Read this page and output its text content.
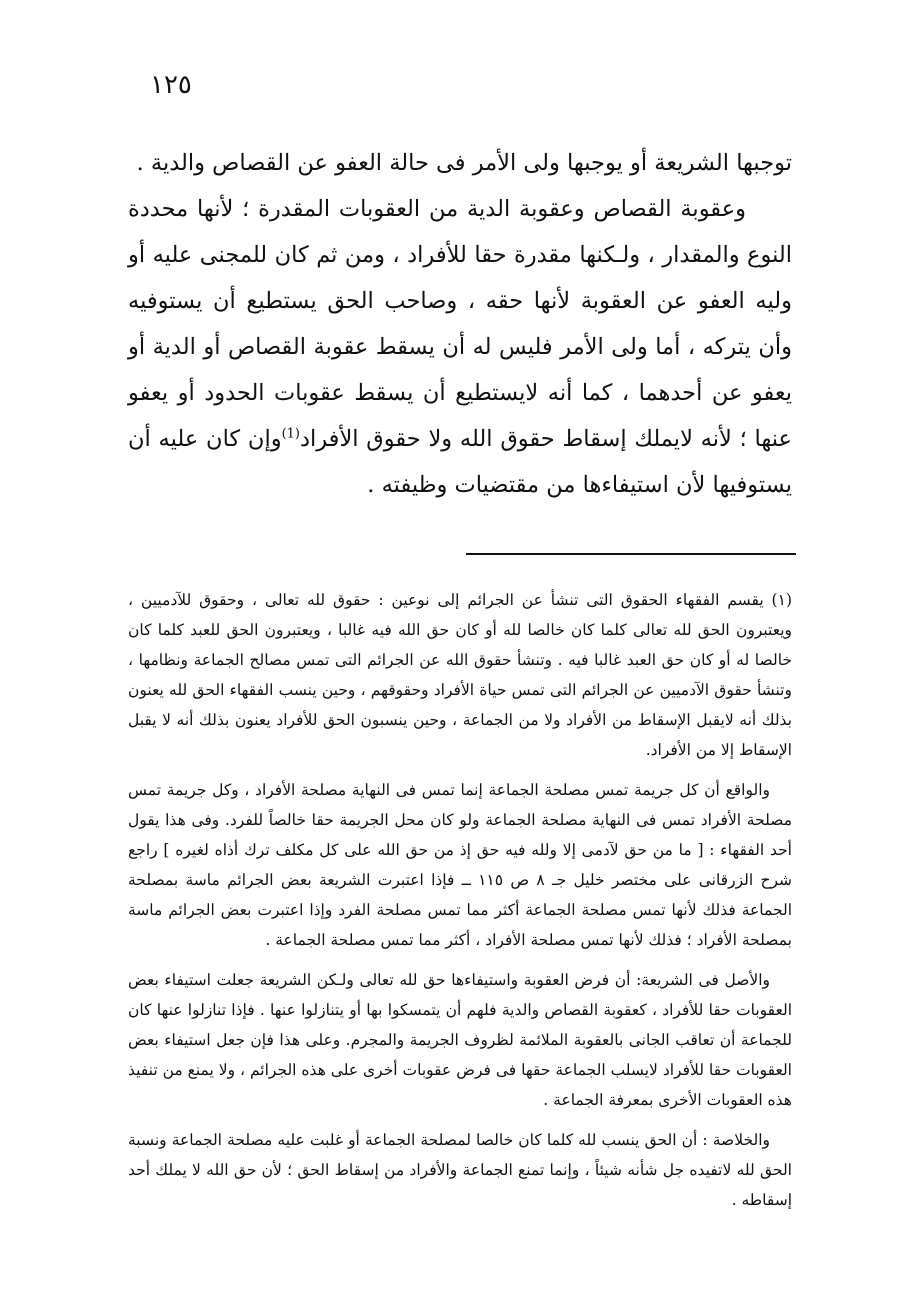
١٢٥

توجبها الشريعة أو يوجبها ولى الأمر فى حالة العفو عن القصاص والدية .

وعقوبة القصاص وعقوبة الدية من العقوبات المقدرة ؛ لأنها محددة النوع والمقدار ، ولـكنها مقدرة حقا للأفراد ، ومن ثم كان للمجنى عليه أو وليه العفو عن العقوبة لأنها حقه ، وصاحب الحق يستطيع أن يستوفيه وأن يتركه ، أما ولى الأمر فليس له أن يسقط عقوبة القصاص أو الدية أو يعفو عن أحدهما ، كما أنه لايستطيع أن يسقط عقوبات الحدود أو يعفو عنها ؛ لأنه لايملك إسقاط حقوق الله ولا حقوق الأفراد$^{(1)}$وإن كان عليه أن يستوفيها لأن استيفاءها من مقتضيات وظيفته .

(١) يقسم الفقهاء الحقوق التى تنشأ عن الجرائم إلى نوعين : حقوق لله تعالى ، وحقوق للآدميين ، ويعتبرون الحق لله تعالى كلما كان خالصا لله أو كان حق الله فيه غالبا ، ويعتبرون الحق للعبد كلما كان خالصا له أو كان حق العبد غالبا فيه . وتنشأ حقوق الله عن الجرائم التى تمس مصالح الجماعة ونظامها ، وتنشأ حقوق الآدميين عن الجرائم التى تمس حياة الأفراد وحقوقهم ، وحين ينسب الفقهاء الحق لله يعنون بذلك أنه لايقبل الإسقاط من الأفراد ولا من الجماعة ، وحين ينسبون الحق للأفراد يعنون بذلك أنه لا يقبل الإسقاط إلا من الأفراد.

والواقع أن كل جريمة تمس مصلحة الجماعة إنما تمس فى النهاية مصلحة الأفراد ، وكل جريمة تمس مصلحة الأفراد تمس فى النهاية مصلحة الجماعة ولو كان محل الجريمة حقا خالصاً للفرد. وفى هذا يقول أحد الفقهاء : [ ما من حق لآدمى إلا ولله فيه حق إذ من حق الله على كل مكلف ترك أذاه لغيره ] راجع شرح الزرقانى على مختصر خليل جـ ٨ ص ١١٥ ــ فإذا اعتبرت الشريعة بعض الجرائم ماسة بمصلحة الجماعة فذلك لأنها تمس مصلحة الجماعة أكثر مما تمس مصلحة الفرد وإذا اعتبرت بعض الجرائم ماسة بمصلحة الأفراد ؛ فذلك لأنها تمس مصلحة الأفراد ، أكثر مما تمس مصلحة الجماعة .

والأصل فى الشريعة: أن فرض العقوبة واستيفاءها حق لله تعالى ولـكن الشريعة جعلت استيفاء بعض العقوبات حقا للأفراد ، كعقوبة القصاص والدية فلهم أن يتمسكوا بها أو يتنازلوا عنها . فإذا تنازلوا عنها كان للجماعة أن تعاقب الجانى بالعقوبة الملائمة لظروف الجريمة والمجرم. وعلى هذا فإن جعل استيفاء بعض العقوبات حقا للأفراد لايسلب الجماعة حقها فى فرض عقوبات أخرى على هذه الجرائم ، ولا يمنع من تنفيذ هذه العقوبات الأخرى بمعرفة الجماعة .

والخلاصة : أن الحق ينسب لله كلما كان خالصا لمصلحة الجماعة أو غلبت عليه مصلحة الجماعة ونسبة الحق لله لاتفيده جل شأنه شيئاً ، وإنما تمنع الجماعة والأفراد من إسقاط الحق ؛ لأن حق الله لا يملك أحد إسقاطه .
